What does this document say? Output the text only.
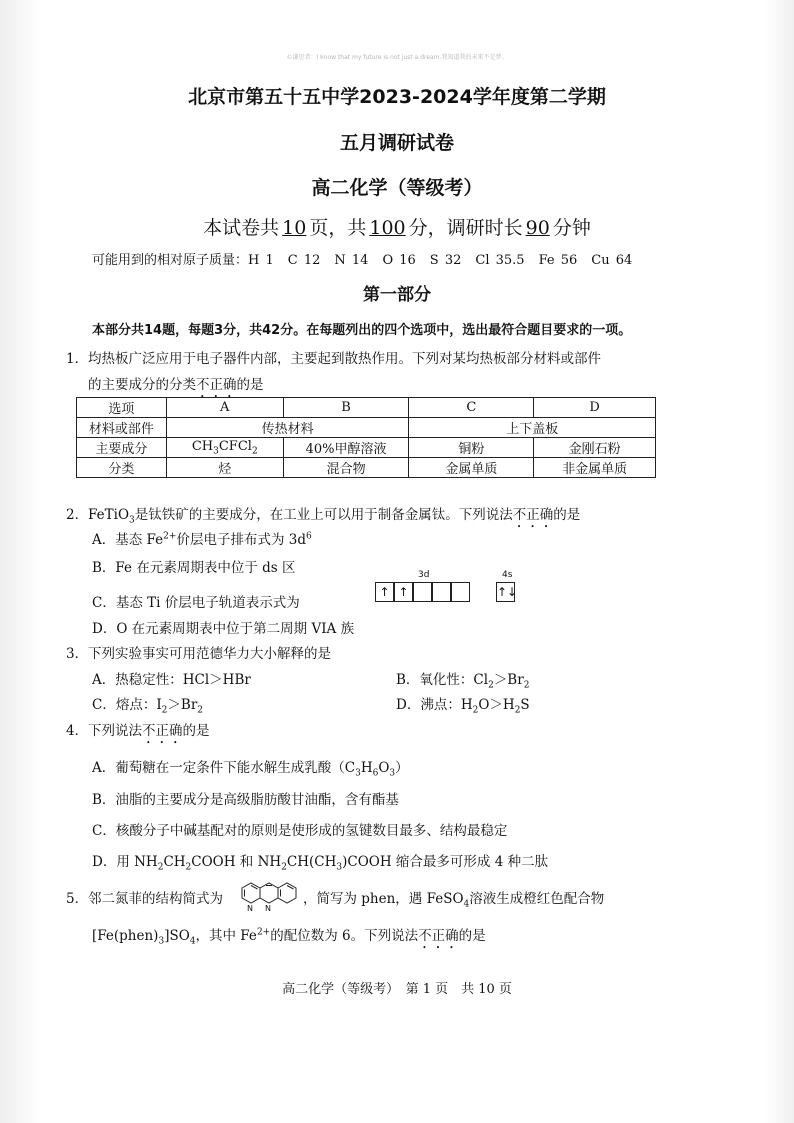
©谦思者：I know that my future is not just a dream.我知道我的未来不是梦。
北京市第五十五中学2023-2024学年度第二学期
五月调研试卷
高二化学（等级考）
本试卷共 10 页，共 100 分，调研时长 90 分钟
可能用到的相对原子质量：H 1 C 12 N 14 O 16 S 32 Cl 35.5 Fe 56 Cu 64
第一部分
本部分共14题，每题3分，共42分。在每题列出的四个选项中，选出最符合题目要求的一项。
1．均热板广泛应用于电子器件内部，主要起到散热作用。下列对某均热板部分材料或部件
的主要成分的分类不正确的是
选项	A	B	C	D
材料或部件	传热材料		上下盖板	
主要成分	$CH_3CFCl_2$	40%甲醇溶液	铜粉	金刚石粉
分类	烃	混合物	金属单质	非金属单质
2．FeTiO$_3$是钛铁矿的主要成分，在工业上可以用于制备金属钛。下列说法不正确的是
A．基态 $Fe^{2+}$价层电子排布式为 $3d^6$
B．Fe 在元素周期表中位于 ds 区
C．基态 Ti 价层电子轨道表示式为
3d	4s
↑ ↑	↑↓
D．O 在元素周期表中位于第二周期 VIA 族
3．下列实验事实可用范德华力大小解释的是
A．热稳定性：HCl＞HBr	B．氧化性：$Cl_2>Br_2$
C．熔点：$I_2>Br_2$	D．沸点：$H_2O>H_2S$
4．下列说法不正确的是
A．葡萄糖在一定条件下能水解生成乳酸$(C_3H_6O_3)$
B．油脂的主要成分是高级脂肪酸甘油酯，含有酯基
C．核酸分子中碱基配对的原则是使形成的氢键数目最多、结构最稳定
D．用 $NH_2CH_2COOH$ 和 $NH_2CH(CH_3)COOH$ 缩合最多可形成 4 种二肽
5．邻二氮菲的结构简式为	，简写为 phen，遇 FeSO$_4$溶液生成橙红色配合物
N N
$[Fe(phen)_3]SO_4$，其中 $Fe^{2+}$的配位数为 6。下列说法不正确的是
高二化学（等级考）　第 1 页　共 10 页
